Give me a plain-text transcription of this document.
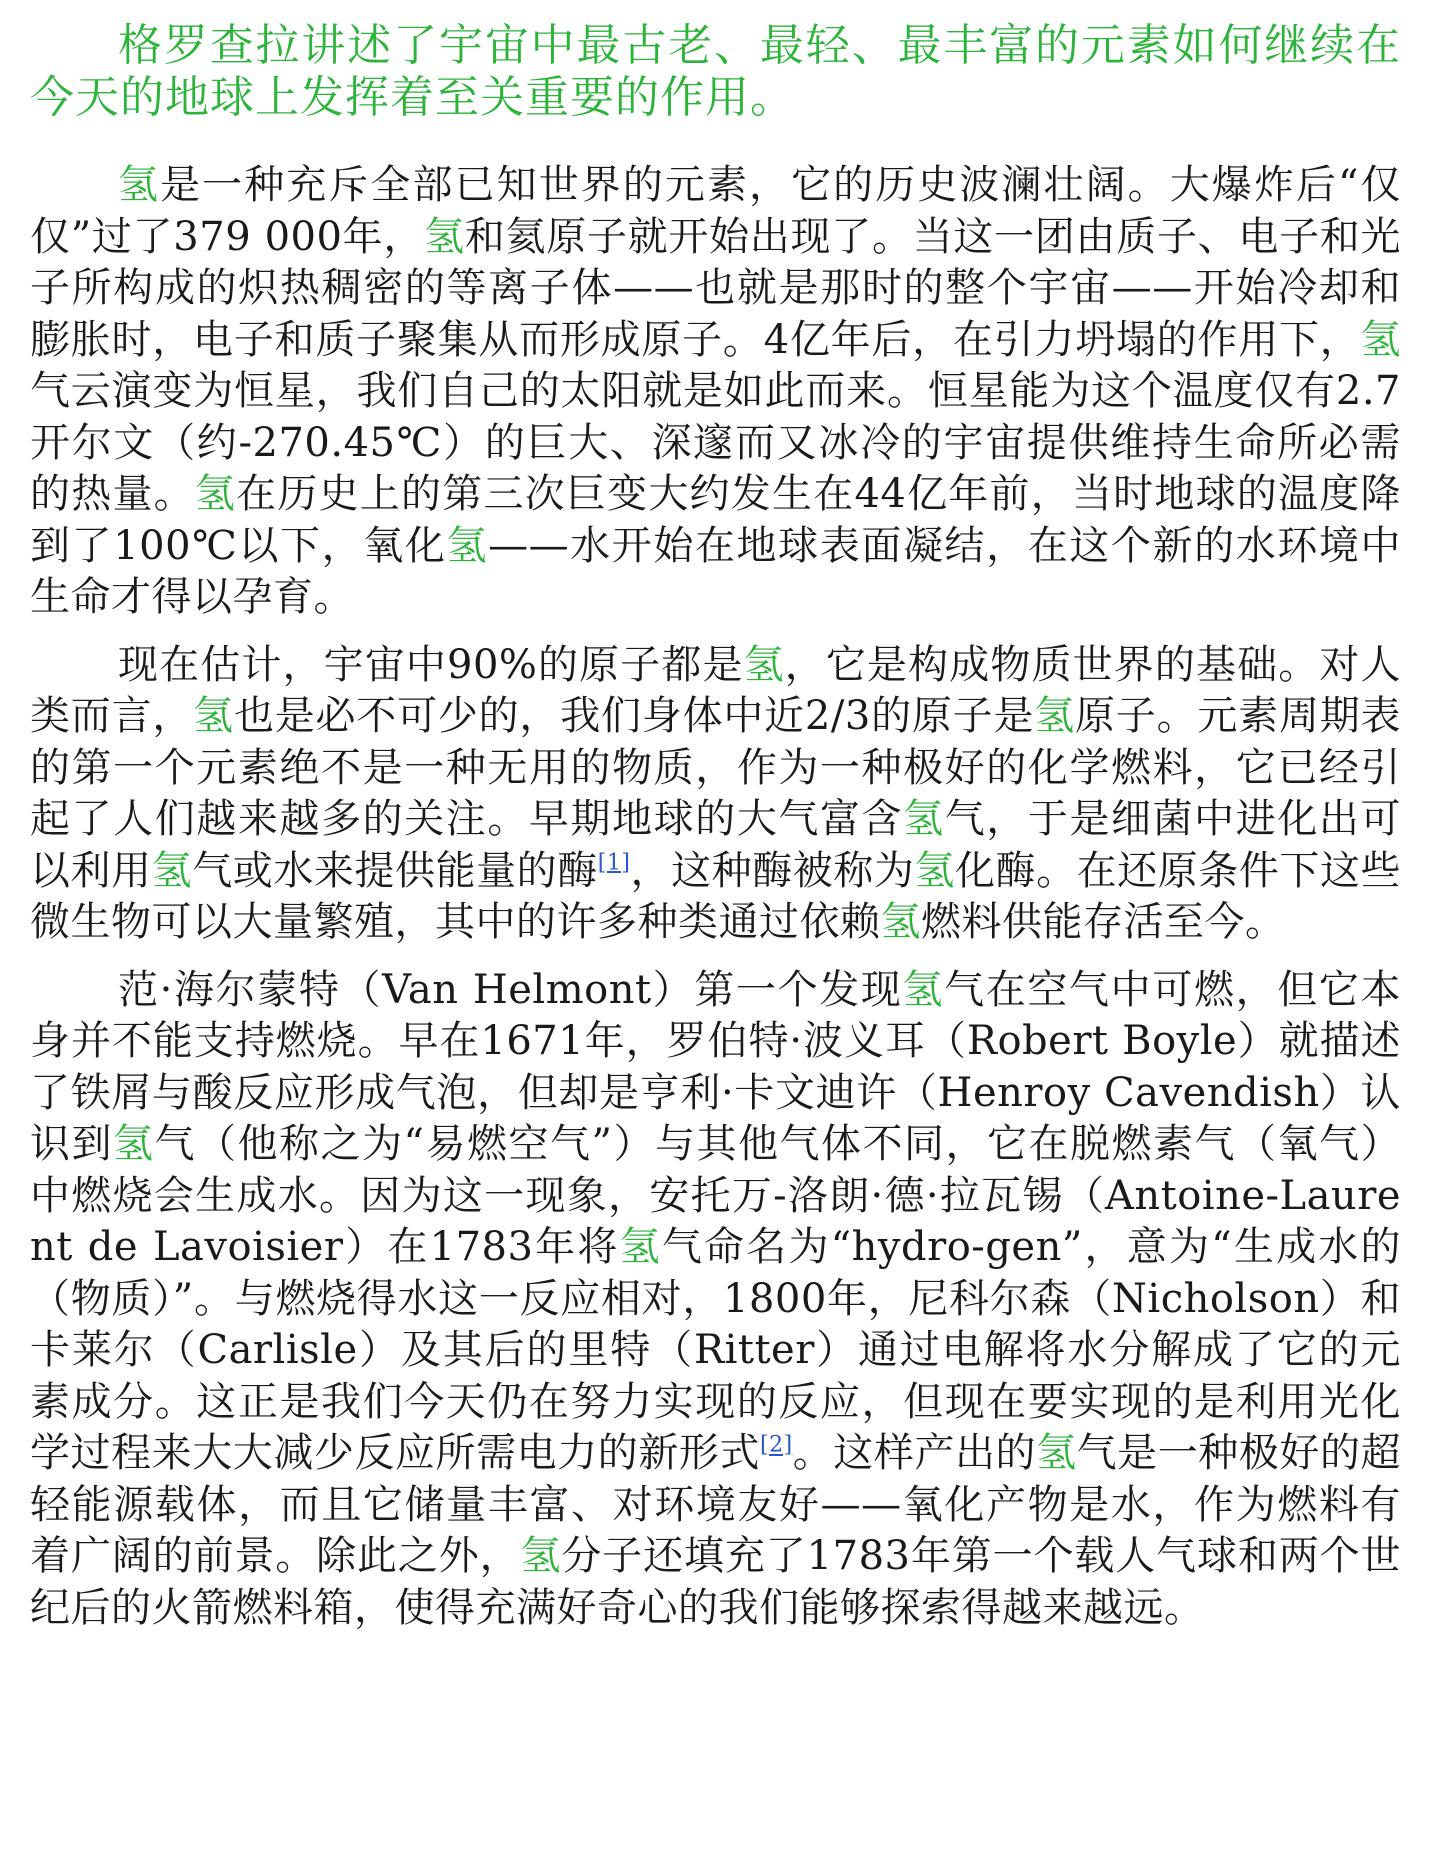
格罗查拉讲述了宇宙中最古老、最轻、最丰富的元素如何继续在今天的地球上发挥着至关重要的作用。

氢是一种充斥全部已知世界的元素，它的历史波澜壮阔。大爆炸后“仅仅”过了379 000年，氢和氦原子就开始出现了。当这一团由质子、电子和光子所构成的炽热稠密的等离子体——也就是那时的整个宇宙——开始冷却和膨胀时，电子和质子聚集从而形成原子。4亿年后，在引力坍塌的作用下，氢气云演变为恒星，我们自己的太阳就是如此而来。恒星能为这个温度仅有2.7开尔文（约-270.45℃）的巨大、深邃而又冰冷的宇宙提供维持生命所必需的热量。氢在历史上的第三次巨变大约发生在44亿年前，当时地球的温度降到了100℃以下，氧化氢——水开始在地球表面凝结，在这个新的水环境中生命才得以孕育。

现在估计，宇宙中90%的原子都是氢，它是构成物质世界的基础。对人类而言，氢也是必不可少的，我们身体中近2/3的原子是氢原子。元素周期表的第一个元素绝不是一种无用的物质，作为一种极好的化学燃料，它已经引起了人们越来越多的关注。早期地球的大气富含氢气，于是细菌中进化出可以利用氢气或水来提供能量的酶[1]，这种酶被称为氢化酶。在还原条件下这些微生物可以大量繁殖，其中的许多种类通过依赖氢燃料供能存活至今。

范·海尔蒙特（Van Helmont）第一个发现氢气在空气中可燃，但它本身并不能支持燃烧。早在1671年，罗伯特·波义耳（Robert Boyle）就描述了铁屑与酸反应形成气泡，但却是亨利·卡文迪许（Henroy Cavendish）认识到氢气（他称之为“易燃空气”）与其他气体不同，它在脱燃素气（氧气）中燃烧会生成水。因为这一现象，安托万-洛朗·德·拉瓦锡（Antoine-Laurent de Lavoisier）在1783年将氢气命名为“hydro-gen”，意为“生成水的（物质）”。与燃烧得水这一反应相对，1800年，尼科尔森（Nicholson）和卡莱尔（Carlisle）及其后的里特（Ritter）通过电解将水分解成了它的元素成分。这正是我们今天仍在努力实现的反应，但现在要实现的是利用光化学过程来大大减少反应所需电力的新形式[2]。这样产出的氢气是一种极好的超轻能源载体，而且它储量丰富、对环境友好——氧化产物是水，作为燃料有着广阔的前景。除此之外，氢分子还填充了1783年第一个载人气球和两个世纪后的火箭燃料箱，使得充满好奇心的我们能够探索得越来越远。
